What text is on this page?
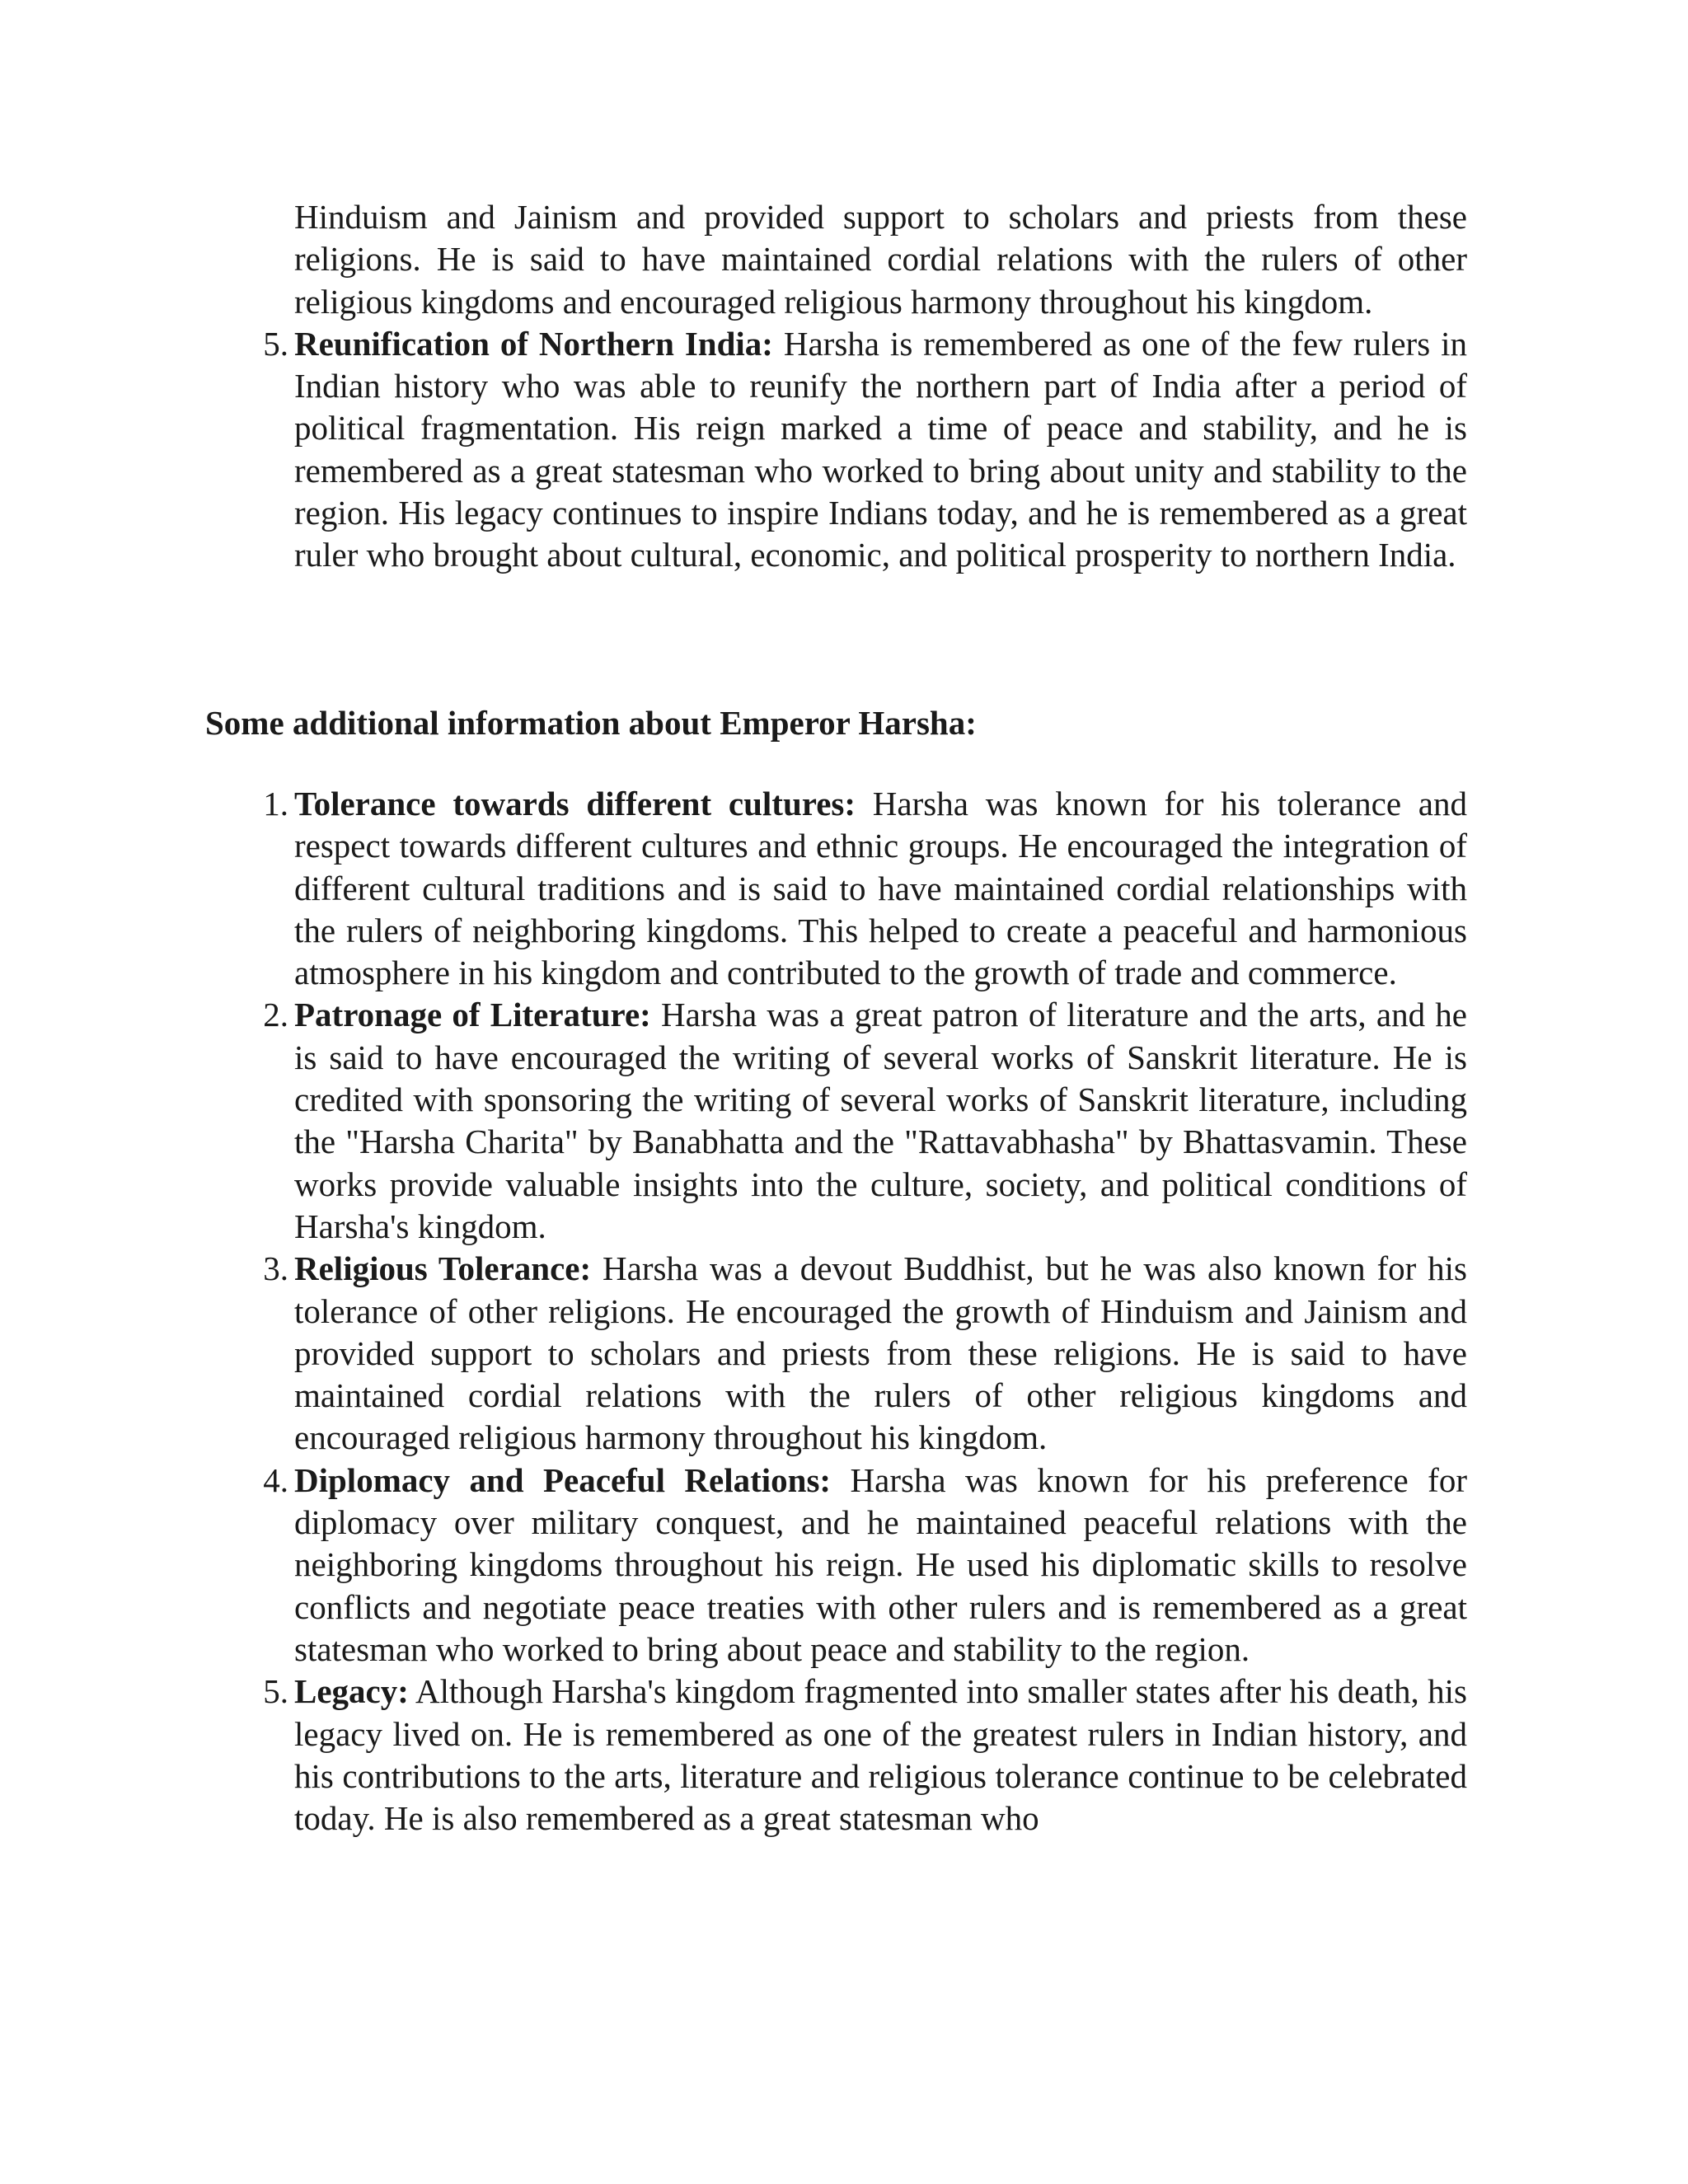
Hinduism and Jainism and provided support to scholars and priests from these religions. He is said to have maintained cordial relations with the rulers of other religious kingdoms and encouraged religious harmony throughout his kingdom.
5. Reunification of Northern India: Harsha is remembered as one of the few rulers in Indian history who was able to reunify the northern part of India after a period of political fragmentation. His reign marked a time of peace and stability, and he is remembered as a great statesman who worked to bring about unity and stability to the region. His legacy continues to inspire Indians today, and he is remembered as a great ruler who brought about cultural, economic, and political prosperity to northern India.
Some additional information about Emperor Harsha:
1. Tolerance towards different cultures: Harsha was known for his tolerance and respect towards different cultures and ethnic groups. He encouraged the integration of different cultural traditions and is said to have maintained cordial relationships with the rulers of neighboring kingdoms. This helped to create a peaceful and harmonious atmosphere in his kingdom and contributed to the growth of trade and commerce.
2. Patronage of Literature: Harsha was a great patron of literature and the arts, and he is said to have encouraged the writing of several works of Sanskrit literature. He is credited with sponsoring the writing of several works of Sanskrit literature, including the "Harsha Charita" by Banabhatta and the "Rattavabhasha" by Bhattasvamin. These works provide valuable insights into the culture, society, and political conditions of Harsha's kingdom.
3. Religious Tolerance: Harsha was a devout Buddhist, but he was also known for his tolerance of other religions. He encouraged the growth of Hinduism and Jainism and provided support to scholars and priests from these religions. He is said to have maintained cordial relations with the rulers of other religious kingdoms and encouraged religious harmony throughout his kingdom.
4. Diplomacy and Peaceful Relations: Harsha was known for his preference for diplomacy over military conquest, and he maintained peaceful relations with the neighboring kingdoms throughout his reign. He used his diplomatic skills to resolve conflicts and negotiate peace treaties with other rulers and is remembered as a great statesman who worked to bring about peace and stability to the region.
5. Legacy: Although Harsha's kingdom fragmented into smaller states after his death, his legacy lived on. He is remembered as one of the greatest rulers in Indian history, and his contributions to the arts, literature and religious tolerance continue to be celebrated today. He is also remembered as a great statesman who
